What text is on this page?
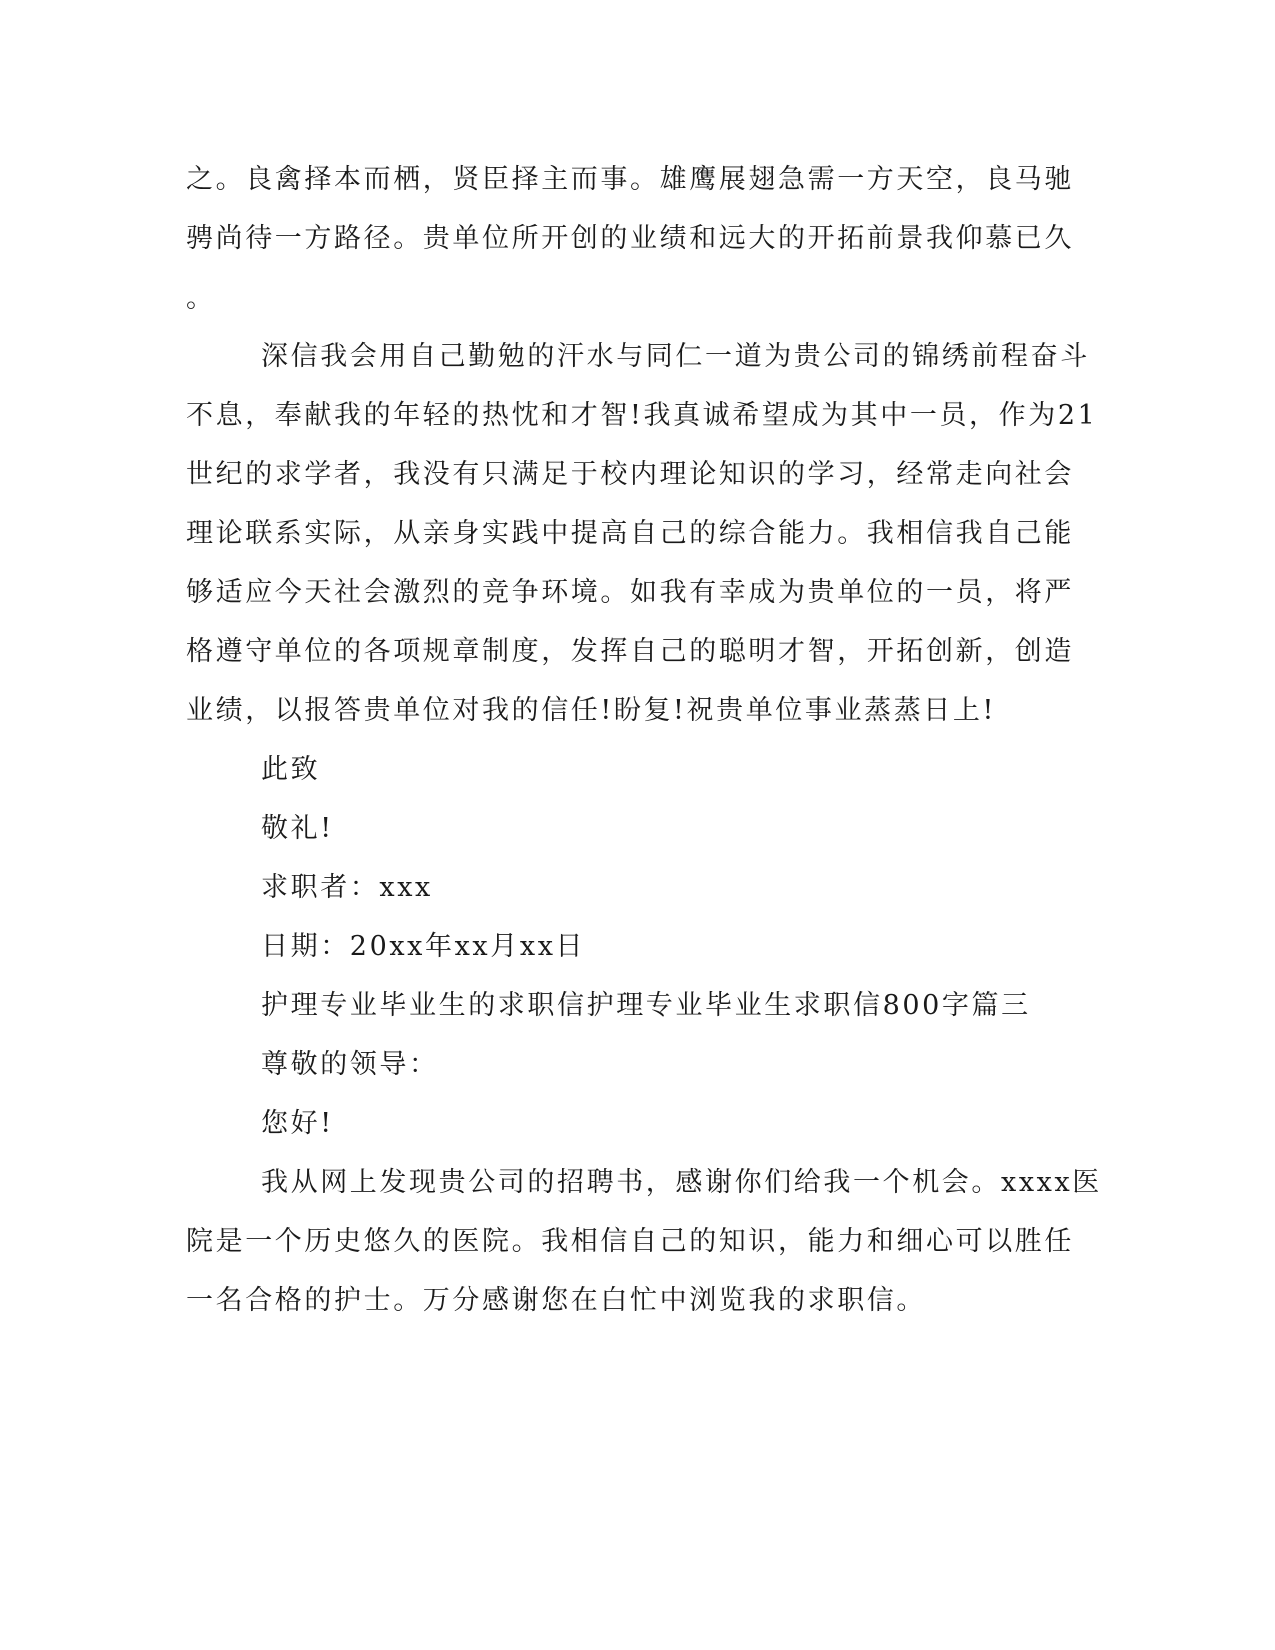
之。良禽择本而栖，贤臣择主而事。雄鹰展翅急需一方天空，良马驰
骋尚待一方路径。贵单位所开创的业绩和远大的开拓前景我仰慕已久
。
深信我会用自己勤勉的汗水与同仁一道为贵公司的锦绣前程奋斗
不息，奉献我的年轻的热忱和才智!我真诚希望成为其中一员，作为21
世纪的求学者，我没有只满足于校内理论知识的学习，经常走向社会
理论联系实际，从亲身实践中提高自己的综合能力。我相信我自己能
够适应今天社会激烈的竞争环境。如我有幸成为贵单位的一员，将严
格遵守单位的各项规章制度，发挥自己的聪明才智，开拓创新，创造
业绩，以报答贵单位对我的信任!盼复!祝贵单位事业蒸蒸日上!
此致
敬礼!
求职者：xxx
日期：20xx年xx月xx日
护理专业毕业生的求职信护理专业毕业生求职信800字篇三
尊敬的领导：
您好!
我从网上发现贵公司的招聘书，感谢你们给我一个机会。xxxx医
院是一个历史悠久的医院。我相信自己的知识，能力和细心可以胜任
一名合格的护士。万分感谢您在白忙中浏览我的求职信。
